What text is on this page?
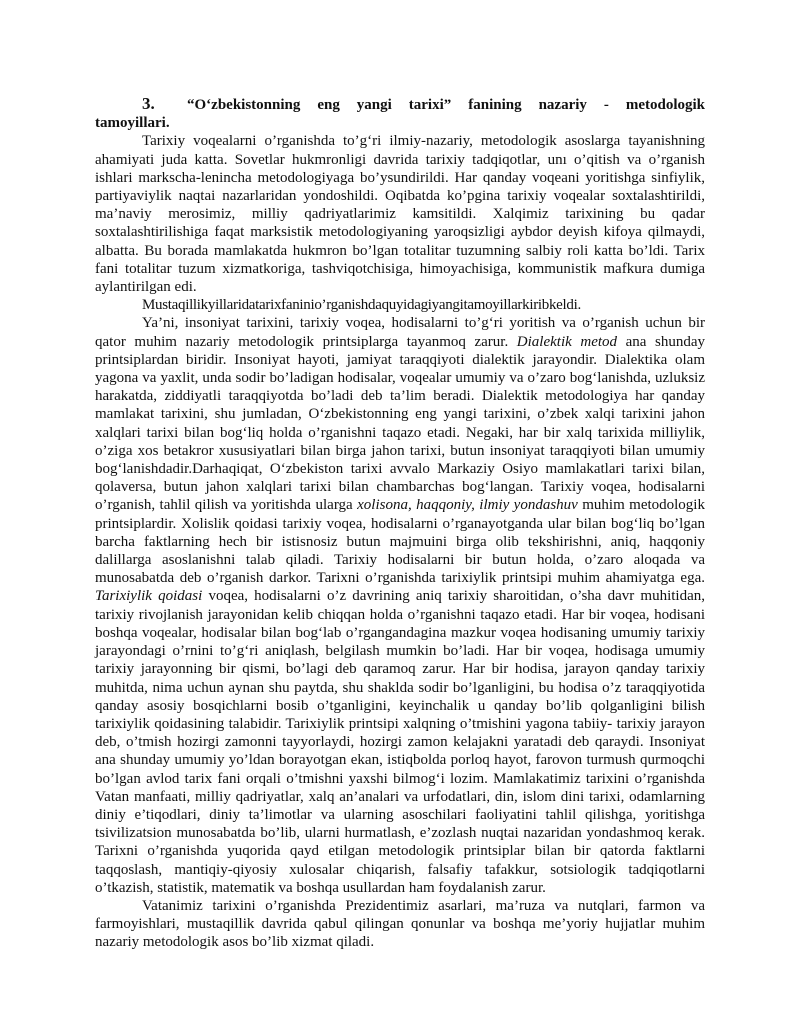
3. “O‘zbekistonning eng yangi tarixi” fanining nazariy - metodologik tamoyillari.

Tarixiy voqealarni o’rganishda to’g‘ri ilmiy-nazariy, metodologik asoslarga tayanishning ahamiyati juda katta. Sovetlar hukmronligi davrida tarixiy tadqiqotlar, unı o’qitish va o’rganish ishlari markscha-lenincha metodologiyaga bo’ysundirildi. Har qanday voqeani yoritishga sinfiylik, partiyaviylik naqtai nazarlaridan yondoshildi. Oqibatda ko’pgina tarixiy voqealar soxtalashtirildi, ma’naviy merosimiz, milliy qadriyatlarimiz kamsitildi. Xalqimiz tarixining bu qadar soxtalashtirilishiga faqat marksistik metodologiyaning yaroqsizligi aybdor deyish kifoya qilmaydi, albatta. Bu borada mamlakatda hukmron bo’lgan totalitar tuzumning salbiy roli katta bo’ldi. Tarix fani totalitar tuzum xizmatkoriga, tashviqotchisiga, himoyachisiga, kommunistik mafkura dumiga aylantirilgan edi.

Mustaqillikyillaridatarixfaninio’rganishdaquyidagiyangitamoyillarkiribkeldi.

Ya’ni, insoniyat tarixini, tarixiy voqea, hodisalarni to’g‘ri yoritish va o’rganish uchun bir qator muhim nazariy metodologik printsiplarga tayanmoq zarur. Dialektik metod ana shunday printsiplardan biridir. Insoniyat hayoti, jamiyat taraqqiyoti dialektik jarayondir. Dialektika olam yagona va yaxlit, unda sodir bo’ladigan hodisalar, voqealar umumiy va o’zaro bog‘lanishda, uzluksiz harakatda, ziddiyatli taraqqiyotda bo’ladi deb ta’lim beradi. Dialektik metodologiya har qanday mamlakat tarixini, shu jumladan, O‘zbekistonning eng yangi tarixini, o’zbek xalqi tarixini jahon xalqlari tarixi bilan bog‘liq holda o’rganishni taqazo etadi. Negaki, har bir xalq tarixida milliylik, o’ziga xos betakror xususiyatlari bilan birga jahon tarixi, butun insoniyat taraqqiyoti bilan umumiy bog‘lanishdadir.Darhaqiqat, O‘zbekiston tarixi avvalo Markaziy Osiyo mamlakatlari tarixi bilan, qolaversa, butun jahon xalqlari tarixi bilan chambarchas bog‘langan. Tarixiy voqea, hodisalarni o’rganish, tahlil qilish va yoritishda ularga xolisona, haqqoniy, ilmiy yondashuv muhim metodologik printsiplardir. Xolislik qoidasi tarixiy voqea, hodisalarni o’rganayotganda ular bilan bog‘liq bo’lgan barcha faktlarning hech bir istisnosiz butun majmuini birga olib tekshirishni, aniq, haqqoniy dalillarga asoslanishni talab qiladi. Tarixiy hodisalarni bir butun holda, o’zaro aloqada va munosabatda deb o’rganish darkor. Tarixni o’rganishda tarixiylik printsipi muhim ahamiyatga ega. Tarixiylik qoidasi voqea, hodisalarni o’z davrining aniq tarixiy sharoitidan, o’sha davr muhitidan, tarixiy rivojlanish jarayonidan kelib chiqqan holda o’rganishni taqazo etadi. Har bir voqea, hodisani boshqa voqealar, hodisalar bilan bog‘lab o’rgangandagina mazkur voqea hodisaning umumiy tarixiy jarayondagi o’rnini to’g‘ri aniqlash, belgilash mumkin bo’ladi. Har bir voqea, hodisaga umumiy tarixiy jarayonning bir qismi, bo’lagi deb qaramoq zarur. Har bir hodisa, jarayon qanday tarixiy muhitda, nima uchun aynan shu paytda, shu shaklda sodir bo’lganligini, bu hodisa o’z taraqqiyotida qanday asosiy bosqichlarni bosib o’tganligini, keyinchalik u qanday bo’lib qolganligini bilish tarixiylik qoidasining talabidir. Tarixiylik printsipi xalqning o’tmishini yagona tabiiy- tarixiy jarayon deb, o’tmish hozirgi zamonni tayyorlaydi, hozirgi zamon kelajakni yaratadi deb qaraydi. Insoniyat ana shunday umumiy yo’ldan borayotgan ekan, istiqbolda porloq hayot, farovon turmush qurmoqchi bo’lgan avlod tarix fani orqali o’tmishni yaxshi bilmog‘i lozim. Mamlakatimiz tarixini o’rganishda Vatan manfaati, milliy qadriyatlar, xalq an’analari va urfodatlari, din, islom dini tarixi, odamlarning diniy e’tiqodlari, diniy ta’limotlar va ularning asoschilari faoliyatini tahlil qilishga, yoritishga tsivilizatsion munosabatda bo’lib, ularni hurmatlash, e’zozlash nuqtai nazaridan yondashmoq kerak. Tarixni o’rganishda yuqorida qayd etilgan metodologik printsiplar bilan bir qatorda faktlarni taqqoslash, mantiqiy-qiyosiy xulosalar chiqarish, falsafiy tafakkur, sotsiologik tadqiqotlarni o’tkazish, statistik, matematik va boshqa usullardan ham foydalanish zarur.

Vatanimiz tarixini o’rganishda Prezidentimiz asarlari, ma’ruza va nutqlari, farmon va farmoyishlari, mustaqillik davrida qabul qilingan qonunlar va boshqa me’yoriy hujjatlar muhim nazariy metodologik asos bo’lib xizmat qiladi.
